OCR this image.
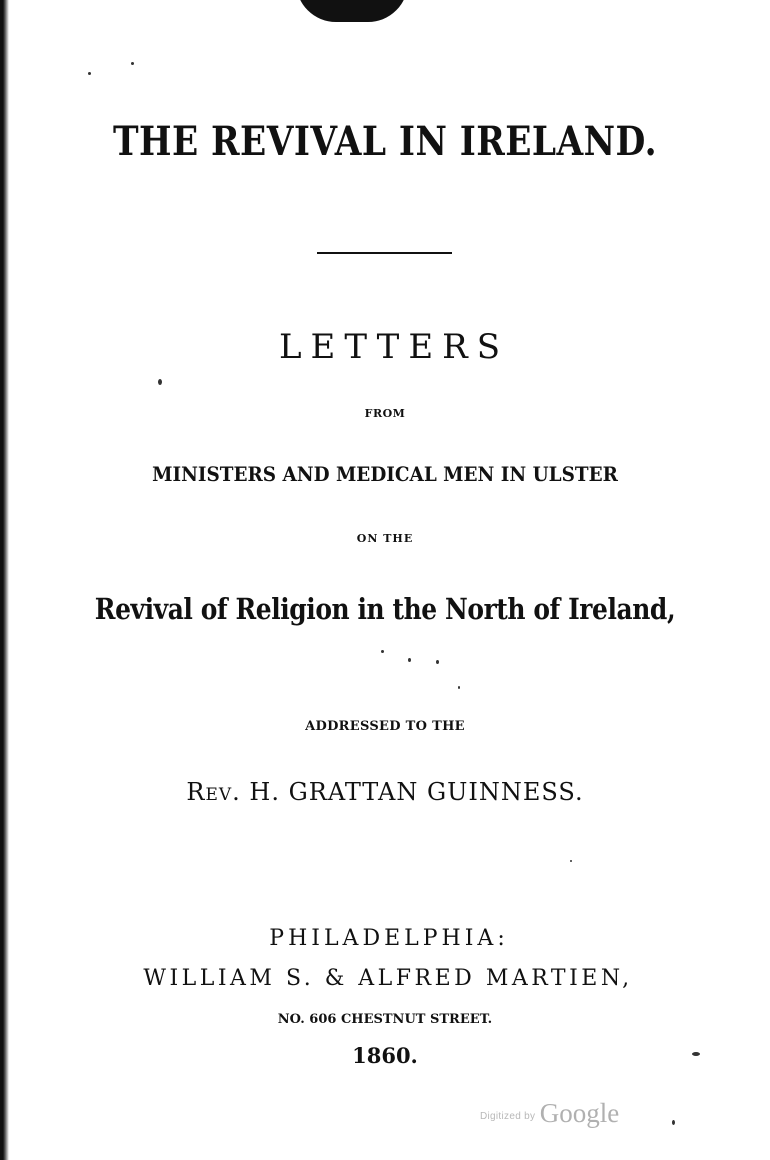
THE REVIVAL IN IRELAND.
LETTERS
FROM
MINISTERS AND MEDICAL MEN IN ULSTER
ON THE
Revival of Religion in the North of Ireland,
ADDRESSED TO THE
Rev. H. GRATTAN GUINNESS.
PHILADELPHIA:
WILLIAM S. & ALFRED MARTIEN,
NO. 606 CHESTNUT STREET.
1860.
Digitized by Google
